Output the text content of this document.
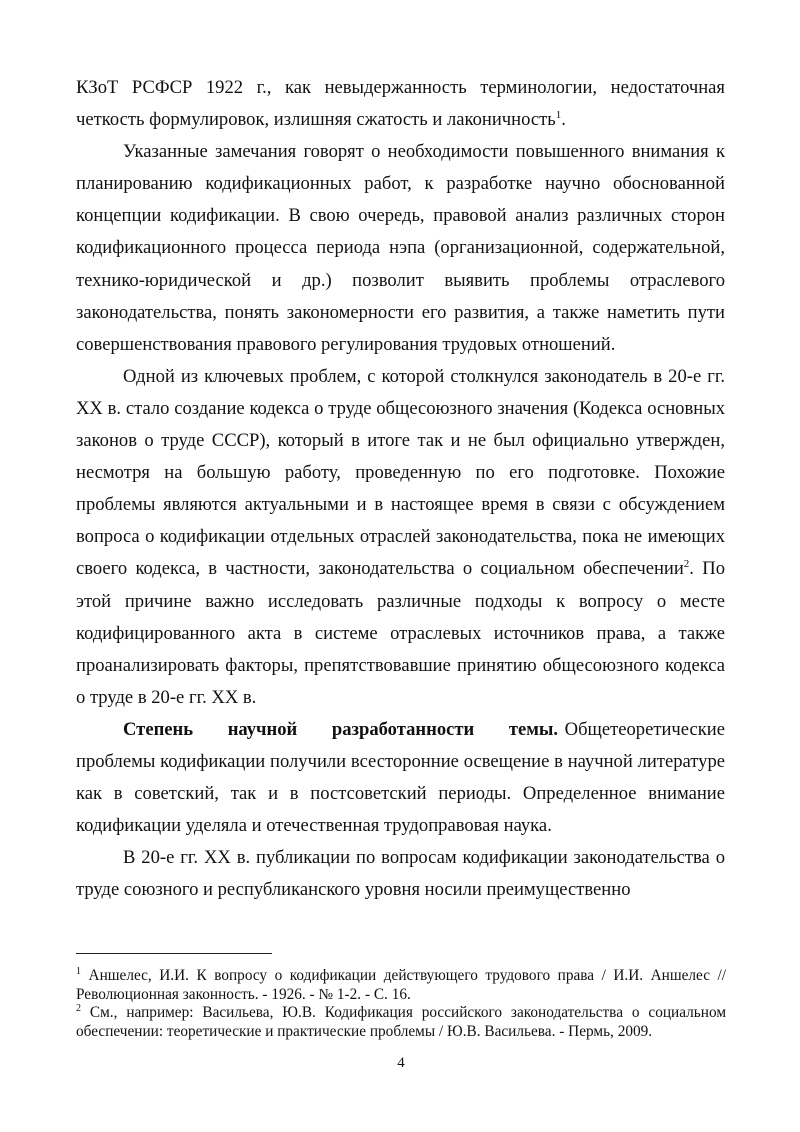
КЗоТ РСФСР 1922 г., как невыдержанность терминологии, недостаточная четкость формулировок, излишняя сжатость и лаконичность$^1$.

Указанные замечания говорят о необходимости повышенного внимания к планированию кодификационных работ, к разработке научно обоснованной концепции кодификации. В свою очередь, правовой анализ различных сторон кодификационного процесса периода нэпа (организационной, содержательной, технико-юридической и др.) позволит выявить проблемы отраслевого законодательства, понять закономерности его развития, а также наметить пути совершенствования правового регулирования трудовых отношений.

Одной из ключевых проблем, с которой столкнулся законодатель в 20-е гг. XX в. стало создание кодекса о труде общесоюзного значения (Кодекса основных законов о труде СССР), который в итоге так и не был официально утвержден, несмотря на большую работу, проведенную по его подготовке. Похожие проблемы являются актуальными и в настоящее время в связи с обсуждением вопроса о кодификации отдельных отраслей законодательства, пока не имеющих своего кодекса, в частности, законодательства о социальном обеспечении$^2$. По этой причине важно исследовать различные подходы к вопросу о месте кодифицированного акта в системе отраслевых источников права, а также проанализировать факторы, препятствовавшие принятию общесоюзного кодекса о труде в 20-е гг. XX в.

Степень научной разработанности темы. Общетеоретические проблемы кодификации получили всесторонние освещение в научной литературе как в советский, так и в постсоветский периоды. Определенное внимание кодификации уделяла и отечественная трудоправовая наука.

В 20-е гг. XX в. публикации по вопросам кодификации законодательства о труде союзного и республиканского уровня носили преимущественно

$^1$ Аншелес, И.И. К вопросу о кодификации действующего трудового права / И.И. Аншелес // Революционная законность. - 1926. - № 1-2. - С. 16.

$^2$ См., например: Васильева, Ю.В. Кодификация российского законодательства о социальном обеспечении: теоретические и практические проблемы / Ю.В. Васильева. - Пермь, 2009.

4
